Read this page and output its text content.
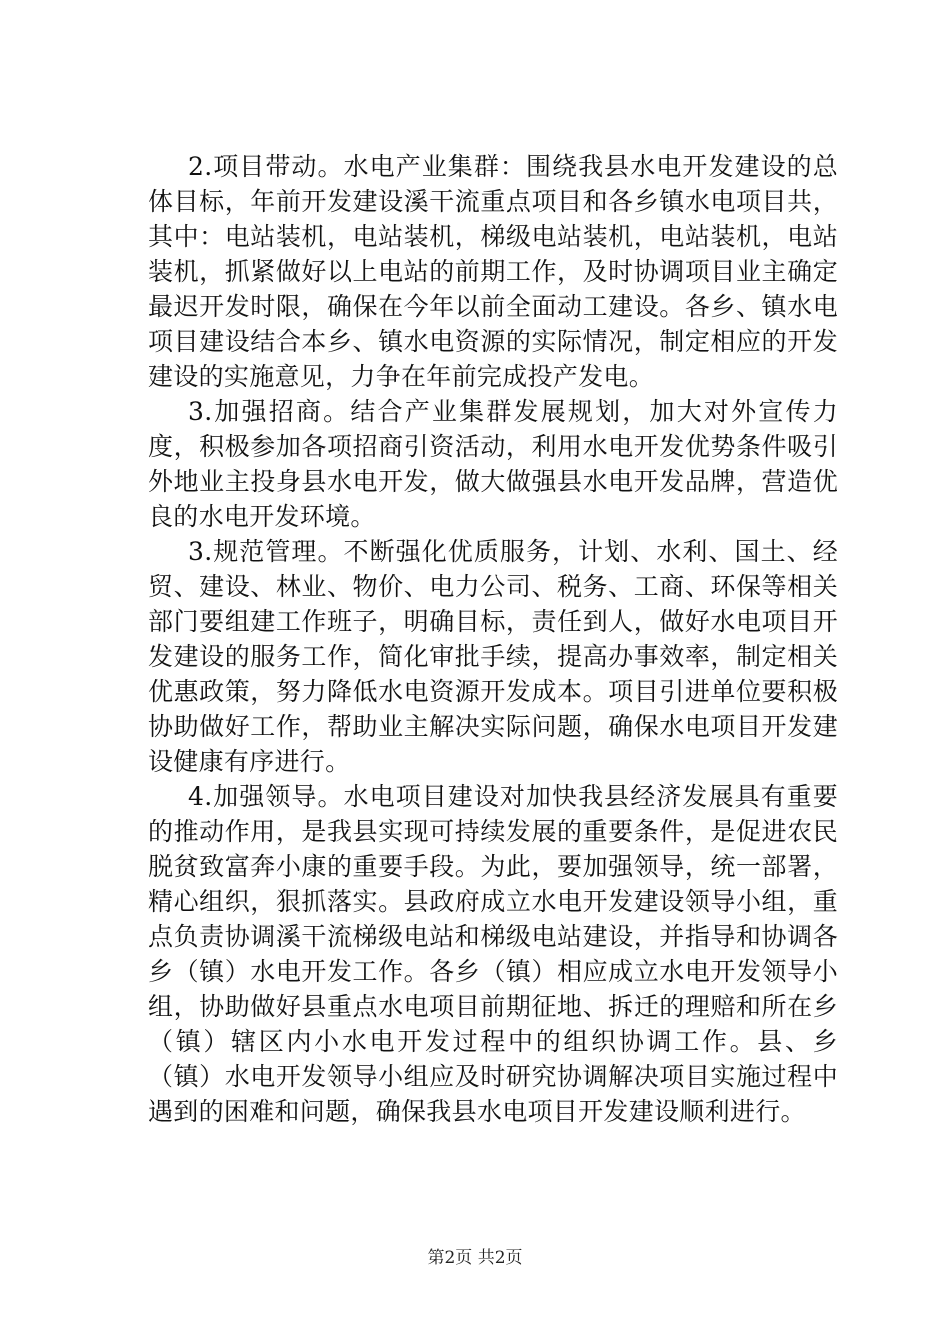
2.项目带动。水电产业集群：围绕我县水电开发建设的总体目标，年前开发建设溪干流重点项目和各乡镇水电项目共，其中：电站装机，电站装机，梯级电站装机，电站装机，电站装机，抓紧做好以上电站的前期工作，及时协调项目业主确定最迟开发时限，确保在今年以前全面动工建设。各乡、镇水电项目建设结合本乡、镇水电资源的实际情况，制定相应的开发建设的实施意见，力争在年前完成投产发电。

3.加强招商。结合产业集群发展规划，加大对外宣传力度，积极参加各项招商引资活动，利用水电开发优势条件吸引外地业主投身县水电开发，做大做强县水电开发品牌，营造优良的水电开发环境。

3.规范管理。不断强化优质服务，计划、水利、国土、经贸、建设、林业、物价、电力公司、税务、工商、环保等相关部门要组建工作班子，明确目标，责任到人，做好水电项目开发建设的服务工作，简化审批手续，提高办事效率，制定相关优惠政策，努力降低水电资源开发成本。项目引进单位要积极协助做好工作，帮助业主解决实际问题，确保水电项目开发建设健康有序进行。

4.加强领导。水电项目建设对加快我县经济发展具有重要的推动作用，是我县实现可持续发展的重要条件，是促进农民脱贫致富奔小康的重要手段。为此，要加强领导，统一部署，精心组织，狠抓落实。县政府成立水电开发建设领导小组，重点负责协调溪干流梯级电站和梯级电站建设，并指导和协调各乡（镇）水电开发工作。各乡（镇）相应成立水电开发领导小组，协助做好县重点水电项目前期征地、拆迁的理赔和所在乡（镇）辖区内小水电开发过程中的组织协调工作。县、乡（镇）水电开发领导小组应及时研究协调解决项目实施过程中遇到的困难和问题，确保我县水电项目开发建设顺利进行。

第2页 共2页
